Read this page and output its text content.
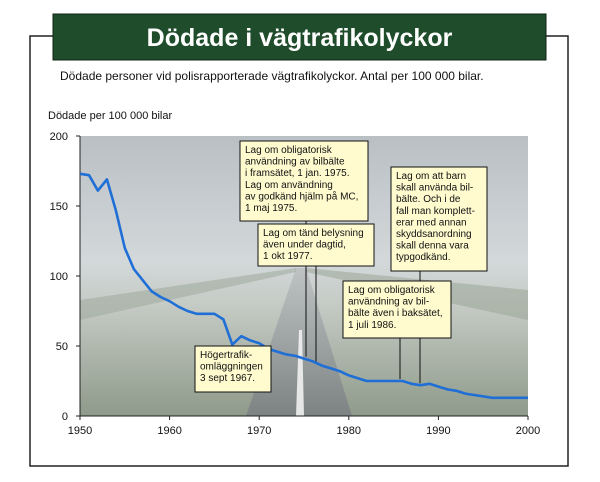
Dödade i vägtrafikolyckor
Dödade personer vid polisrapporterade vägtrafikolyckor. Antal per 100 000 bilar.
Dödade per 100 000 bilar
0
50
100
150
200
1950	1960	1970	1980	1990	2000
Högertrafik-
omläggningen
3 sept 1967.
Lag om obligatorisk
användning av bilbälte
i framsätet, 1 jan. 1975.
Lag om användning
av godkänd hjälm på MC,
1 maj 1975.
Lag om tänd belysning
även under dagtid,
1 okt 1977.
Lag om att barn
skall använda bil-
bälte. Och i de
fall man komplett-
erar med annan
skyddsanordning
skall denna vara
typgodkänd.
Lag om obligatorisk
användning av bil-
bälte även i baksätet,
1 juli 1986.
